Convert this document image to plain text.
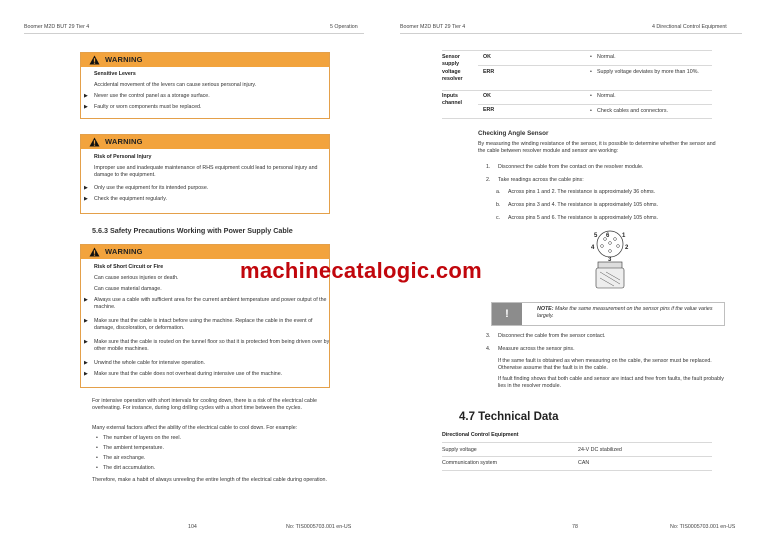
Boomer M2D BUT 29 Tier 4	5 Operation
WARNING
Sensitive Levers
Accidental movement of the levers can cause serious personal injury.
▶ Never use the control panel as a storage surface.
▶ Faulty or worn components must be replaced.
WARNING
Risk of Personal Injury
Improper use and inadequate maintenance of RHS equipment could lead to personal injury and damage to the equipment.
▶ Only use the equipment for its intended purpose.
▶ Check the equipment regularly.
5.6.3 Safety Precautions Working with Power Supply Cable
WARNING
Risk of Short Circuit or Fire
Can cause serious injuries or death.
Can cause material damage.
▶ Always use a cable with sufficient area for the current ambient temperature and power output of the machine.
▶ Make sure that the cable is intact before using the machine. Replace the cable in the event of damage, discoloration, or deformation.
▶ Make sure that the cable is routed on the tunnel floor so that it is protected from being driven over by other mobile machines.
▶ Unwind the whole cable for intensive operation.
▶ Make sure that the cable does not overheat during intensive use of the machine.
For intensive operation with short intervals for cooling down, there is a risk of the electrical cable overheating. For instance, during long drilling cycles with a short time between the cycles.
Many external factors affect the ability of the electrical cable to cool down. For example:
• The number of layers on the reel.
• The ambient temperature.
• The air exchange.
• The dirt accumulation.
Therefore, make a habit of always unreeling the entire length of the electrical cable during operation.
104	No: TIS0005703.001 en-US
Boomer M2D BUT 29 Tier 4	4 Directional Control Equipment
Sensor supply voltage resolver
OK	• Normal.
ERR	• Supply voltage deviates by more than 10%.
Inputs channel
OK	• Normal.
ERR	• Check cables and connectors.
Checking Angle Sensor
By measuring the winding resistance of the sensor, it is possible to determine whether the sensor and the cable between resolver module and sensor are working:
1. Disconnect the cable from the contact on the resolver module.
2. Take readings across the cable pins:
a. Across pins 1 and 2. The resistance is approximately 36 ohms.
b. Across pins 3 and 4. The resistance is approximately 105 ohms.
c. Across pins 5 and 6. The resistance is approximately 105 ohms.
5 6 1
4	2
3
!	NOTE: Make the same measurement on the sensor pins if the value varies largely.
3. Disconnect the cable from the sensor contact.
4. Measure across the sensor pins.
If the same fault is obtained as when measuring on the cable, the sensor must be replaced. Otherwise assume that the fault is in the cable.
If fault finding shows that both cable and sensor are intact and free from faults, the fault probably lies in the resolver module.
4.7 Technical Data
Directional Control Equipment
Supply voltage	24-V DC stabilized
Communication system	CAN
78	No: TIS0005703.001 en-US
machinecatalogic.com
